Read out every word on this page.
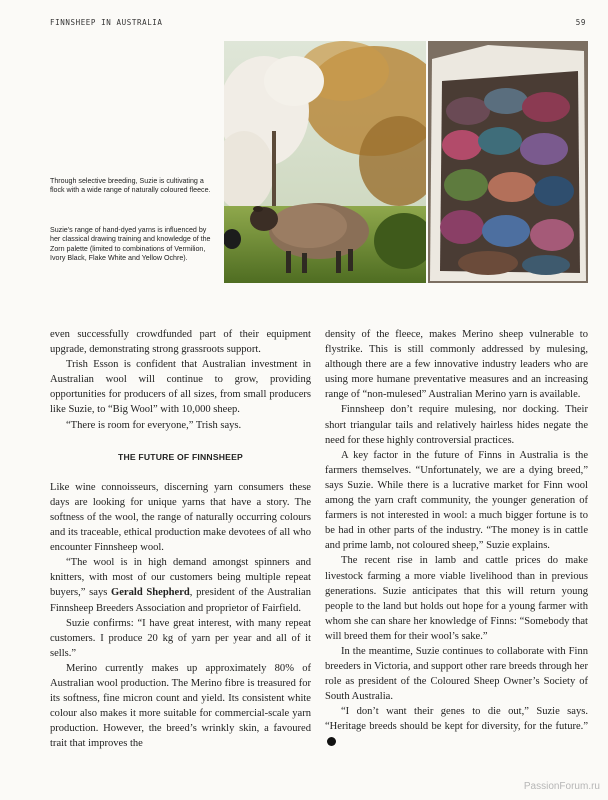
FINNSHEEP IN AUSTRALIA	59
Through selective breeding, Suzie is cultivating a flock with a wide range of naturally coloured fleece.
Suzie's range of hand-dyed yarns is influenced by her classical drawing training and knowledge of the Zorn palette (limited to combinations of Vermilion, Ivory Black, Flake White and Yellow Ochre).

even successfully crowdfunded part of their equipment upgrade, demonstrating strong grassroots support.

Trish Esson is confident that Australian investment in Australian wool will continue to grow, providing opportunities for producers of all sizes, from small producers like Suzie, to “Big Wool” with 10,000 sheep.

“There is room for everyone,” Trish says.

THE FUTURE OF FINNSHEEP

Like wine connoisseurs, discerning yarn consumers these days are looking for unique yarns that have a story. The softness of the wool, the range of naturally occurring colours and its traceable, ethical production make devotees of all who encounter Finnsheep wool.

“The wool is in high demand amongst spinners and knitters, with most of our customers being multiple repeat buyers,” says Gerald Shepherd, president of the Australian Finnsheep Breeders Association and proprietor of Fairfield.

Suzie confirms: “I have great interest, with many repeat customers. I produce 20 kg of yarn per year and all of it sells.”

Merino currently makes up approximately 80% of Australian wool production. The Merino fibre is treasured for its softness, fine micron count and yield. Its consistent white colour also makes it more suitable for commercial-scale yarn production. However, the breed’s wrinkly skin, a favoured trait that improves the

density of the fleece, makes Merino sheep vulnerable to flystrike. This is still commonly addressed by mulesing, although there are a few innovative industry leaders who are using more humane preventative measures and an increasing range of “non-mulesed” Australian Merino yarn is available.

Finnsheep don’t require mulesing, nor docking. Their short triangular tails and relatively hairless hides negate the need for these highly controversial practices.

A key factor in the future of Finns in Australia is the farmers themselves. “Unfortunately, we are a dying breed,” says Suzie. While there is a lucrative market for Finn wool among the yarn craft community, the younger generation of farmers is not interested in wool: a much bigger fortune is to be had in other parts of the industry. “The money is in cattle and prime lamb, not coloured sheep,” Suzie explains.

The recent rise in lamb and cattle prices do make livestock farming a more viable livelihood than in previous generations. Suzie anticipates that this will return young people to the land but holds out hope for a young farmer with whom she can share her knowledge of Finns: “Somebody that will breed them for their wool’s sake.”

In the meantime, Suzie continues to collaborate with Finn breeders in Victoria, and support other rare breeds through her role as president of the Coloured Sheep Owner’s Society of South Australia.

“I don’t want their genes to die out,” Suzie says. “Heritage breeds should be kept for diversity, for the future.”

PassionForum.ru
